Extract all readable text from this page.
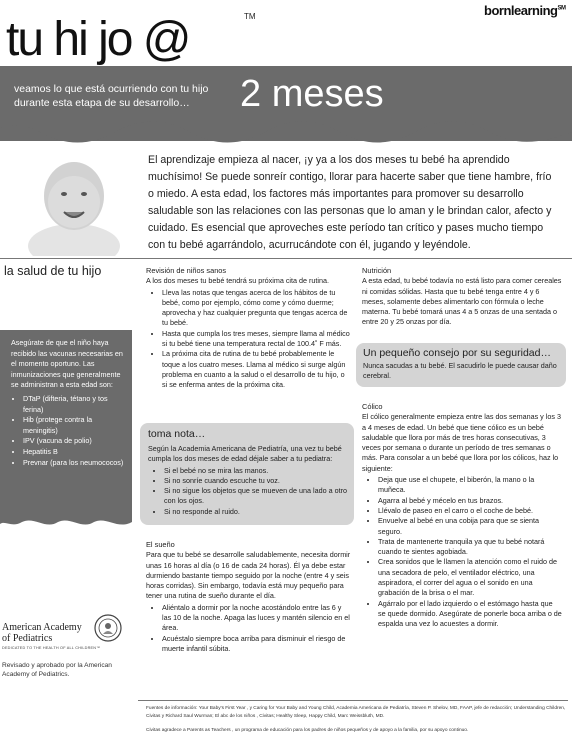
tu hi jo @	TM	bornlearning℠
veamos lo que está ocurriendo con tu hijo durante esta etapa de su desarrollo…	2 meses
El aprendizaje empieza al nacer, ¡y ya a los dos meses tu bebé ha aprendido muchísimo! Se puede sonreír contigo, llorar para hacerte saber que tiene hambre, frío o miedo. A esta edad, los factores más importantes para promover su desarrollo saludable son las relaciones con las personas que lo aman y le brindan calor, afecto y cuidado. Es esencial que aproveches este período tan crítico y pases mucho tiempo con tu bebé agarrándolo, acurrucándote con él, jugando y leyéndole.
la salud de tu hijo
Asegúrate de que el niño haya recibido las vacunas necesarias en el momento oportuno. Las inmunizaciones que generalmente se administran a esta edad son:
• DTaP (difteria, tétano y tos ferina)
• Hib (protege contra la meningitis)
• IPV (vacuna de polio)
• Hepatitis B
• Prevnar (para los neumococos)
American Academy
of Pediatrics
DEDICATED TO THE HEALTH OF ALL CHILDREN™
Revisado y aprobado por la American Academy of Pediatrics.
Revisión de niños sanos

A los dos meses tu bebé tendrá su próxima cita de rutina.

• Lleva las notas que tengas acerca de los hábitos de tu bebé, como por ejemplo, cómo come y cómo duerme; aprovecha y haz cualquier pregunta que tengas acerca de tu bebé.
• Hasta que cumpla los tres meses, siempre llama al médico si tu bebé tiene una temperatura rectal de 100.4˚ F más.
• La próxima cita de rutina de tu bebé probablemente le toque a los cuatro meses. Llama al médico si surge algún problema en cuanto a la salud o el desarrollo de tu hijo, o si se enferma antes de la próxima cita.
toma nota…

Según la Academia Americana de Pediatría, una vez tu bebé cumpla los dos meses de edad déjale saber a tu pediatra:

• Si el bebé no se mira las manos.
• Si no sonríe cuando escuche tu voz.
• Si no sigue los objetos que se mueven de una lado a otro con los ojos.
• Si no responde al ruido.
El sueño

Para que tu bebé se desarrolle saludablemente, necesita dormir unas 16 horas al día (o 16 de cada 24 horas). Él ya debe estar durmiendo bastante tiempo seguido por la noche (entre 4 y seis horas corridas). Sin embargo, todavía está muy pequeño para tener una rutina de sueño durante el día.

• Aliéntalo a dormir por la noche acostándolo entre las 6 y las 10 de la noche. Apaga las luces y mantén silencio en el área.
• Acuéstalo siempre boca arriba para disminuir el riesgo de muerte infantil súbita.
Nutrición

A esta edad, tu bebé todavía no está listo para comer cereales ni comidas sólidas. Hasta que tu bebé tenga entre 4 y 6 meses, solamente debes alimentarlo con fórmula o leche materna. Tu bebé tomará unas 4 a 5 onzas de una sentada o entre 20 y 25 onzas por día.

Un pequeño consejo por su seguridad…
Nunca sacudas a tu bebé. El sacudirlo le puede causar daño cerebral.
Cólico

El cólico generalmente empieza entre las dos semanas y los 3 a 4 meses de edad. Un bebé que tiene cólico es un bebé saludable que llora por más de tres horas consecutivas, 3 veces por semana o durante un período de tres semanas o más. Para consolar a un bebé que llora por los cólicos, haz lo siguiente:

• Deja que use el chupete, el biberón, la mano o la muñeca.
• Agarra al bebé y mécelo en tus brazos.
• Llévalo de paseo en el carro o el coche de bebé.
• Envuelve al bebé en una cobija para que se sienta seguro.
• Trata de mantenerte tranquila ya que tu bebé notará cuando te sientes agobiada.
• Crea sonidos que le llamen la atención como el ruido de una secadora de pelo, el ventilador eléctrico, una aspiradora, el correr del agua o el sonido en una grabación de la brisa o el mar.
• Agárralo por el lado izquierdo o el estómago hasta que se quede dormido. Asegúrate de ponerle boca arriba o de espalda una vez lo acuestes a dormir.
Fuentes de información: Your Baby's First Year , y Caring for Your Baby and Young Child, Academia Americana de Pediatría, Steven P. Shelov, MD, FAAP, jefe de redacción; Understanding Children, Civitas y Richard Saul Wurman; El abc de los niños , Civitas; Healthy Sleep, Happy Child, Marc Weissbluth, MD.
Civitas agradece a Parents as Teachers , un programa de educación para los padres de niños pequeños y de apoyo a la familia, por su apoyo continuo.
